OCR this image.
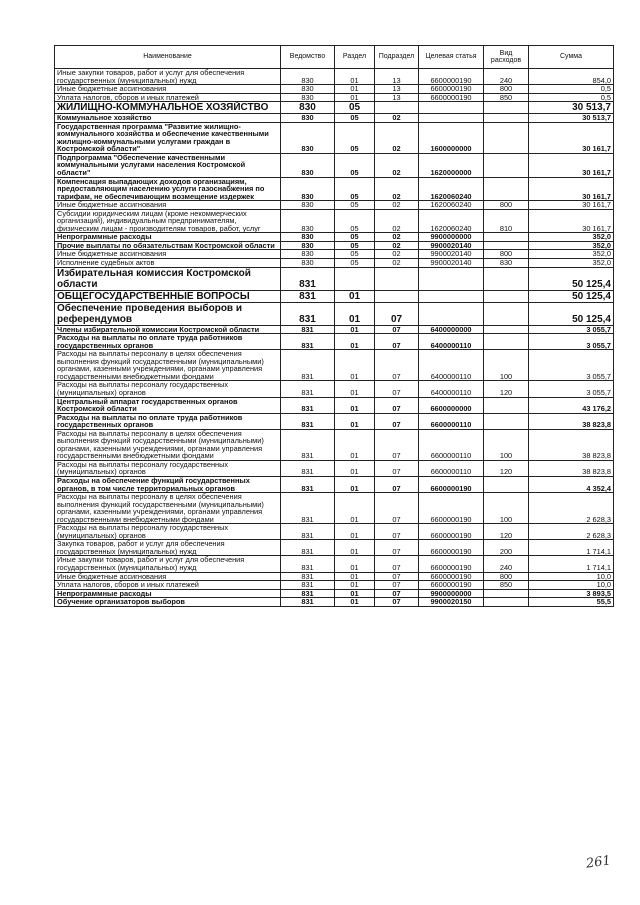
Наименование	Ведомство	Раздел	Подраздел	Целевая статья	Вид расходов	Сумма
Иные закупки товаров, работ и услуг для обеспечения государственных (муниципальных) нужд	830	01	13	6600000190	240	854,0
Иные бюджетные ассигнования	830	01	13	6600000190	800	0,5
Уплата налогов, сборов и иных платежей	830	01	13	6600000190	850	0,5
ЖИЛИЩНО-КОММУНАЛЬНОЕ ХОЗЯЙСТВО	830	05				30 513,7
Коммунальное хозяйство	830	05	02			30 513,7
Государственная программа "Развитие жилищно-коммунального хозяйства и обеспечение качественными жилищно-коммунальными услугами граждан в Костромской области"	830	05	02	1600000000		30 161,7
Подпрограмма "Обеспечение качественными коммунальными услугами населения Костромской области"	830	05	02	1620000000		30 161,7
Компенсация выпадающих доходов организациям, предоставляющим населению услуги газоснабжения по тарифам, не обеспечивающим возмещение издержек	830	05	02	1620060240		30 161,7
Иные бюджетные ассигнования	830	05	02	1620060240	800	30 161,7
Субсидии юридическим лицам (кроме некоммерческих организаций), индивидуальным предпринимателям, физическим лицам - производителям товаров, работ, услуг	830	05	02	1620060240	810	30 161,7
Непрограммные расходы	830	05	02	9900000000		352,0
Прочие выплаты по обязательствам Костромской области	830	05	02	9900020140		352,0
Иные бюджетные ассигнования	830	05	02	9900020140	800	352,0
Исполнение судебных актов	830	05	02	9900020140	830	352,0
Избирательная комиссия Костромской области	831					50 125,4
ОБЩЕГОСУДАРСТВЕННЫЕ ВОПРОСЫ	831	01				50 125,4
Обеспечение проведения выборов и референдумов	831	01	07			50 125,4
Члены избирательной комиссии Костромской области	831	01	07	6400000000		3 055,7
Расходы на выплаты по оплате труда работников государственных органов	831	01	07	6400000110		3 055,7
Расходы на выплаты персоналу в целях обеспечения выполнения функций государственными (муниципальными) органами, казенными учреждениями, органами управления государственными внебюджетными фондами	831	01	07	6400000110	100	3 055,7
Расходы на выплаты персоналу государственных (муниципальных) органов	831	01	07	6400000110	120	3 055,7
Центральный аппарат государственных органов Костромской области	831	01	07	6600000000		43 176,2
Расходы на выплаты по оплате труда работников государственных органов	831	01	07	6600000110		38 823,8
Расходы на выплаты персоналу в целях обеспечения выполнения функций государственными (муниципальными) органами, казенными учреждениями, органами управления государственными внебюджетными фондами	831	01	07	6600000110	100	38 823,8
Расходы на выплаты персоналу государственных (муниципальных) органов	831	01	07	6600000110	120	38 823,8
Расходы на обеспечение функций государственных органов, в том числе территориальных органов	831	01	07	6600000190		4 352,4
Расходы на выплаты персоналу в целях обеспечения выполнения функций государственными (муниципальными) органами, казенными учреждениями, органами управления государственными внебюджетными фондами	831	01	07	6600000190	100	2 628,3
Расходы на выплаты персоналу государственных (муниципальных) органов	831	01	07	6600000190	120	2 628,3
Закупка товаров, работ и услуг для обеспечения государственных (муниципальных) нужд	831	01	07	6600000190	200	1 714,1
Иные закупки товаров, работ и услуг для обеспечения государственных (муниципальных) нужд	831	01	07	6600000190	240	1 714,1
Иные бюджетные ассигнования	831	01	07	6600000190	800	10,0
Уплата налогов, сборов и иных платежей	831	01	07	6600000190	850	10,0
Непрограммные расходы	831	01	07	9900000000		3 893,5
Обучение организаторов выборов	831	01	07	9900020150		55,5
261
